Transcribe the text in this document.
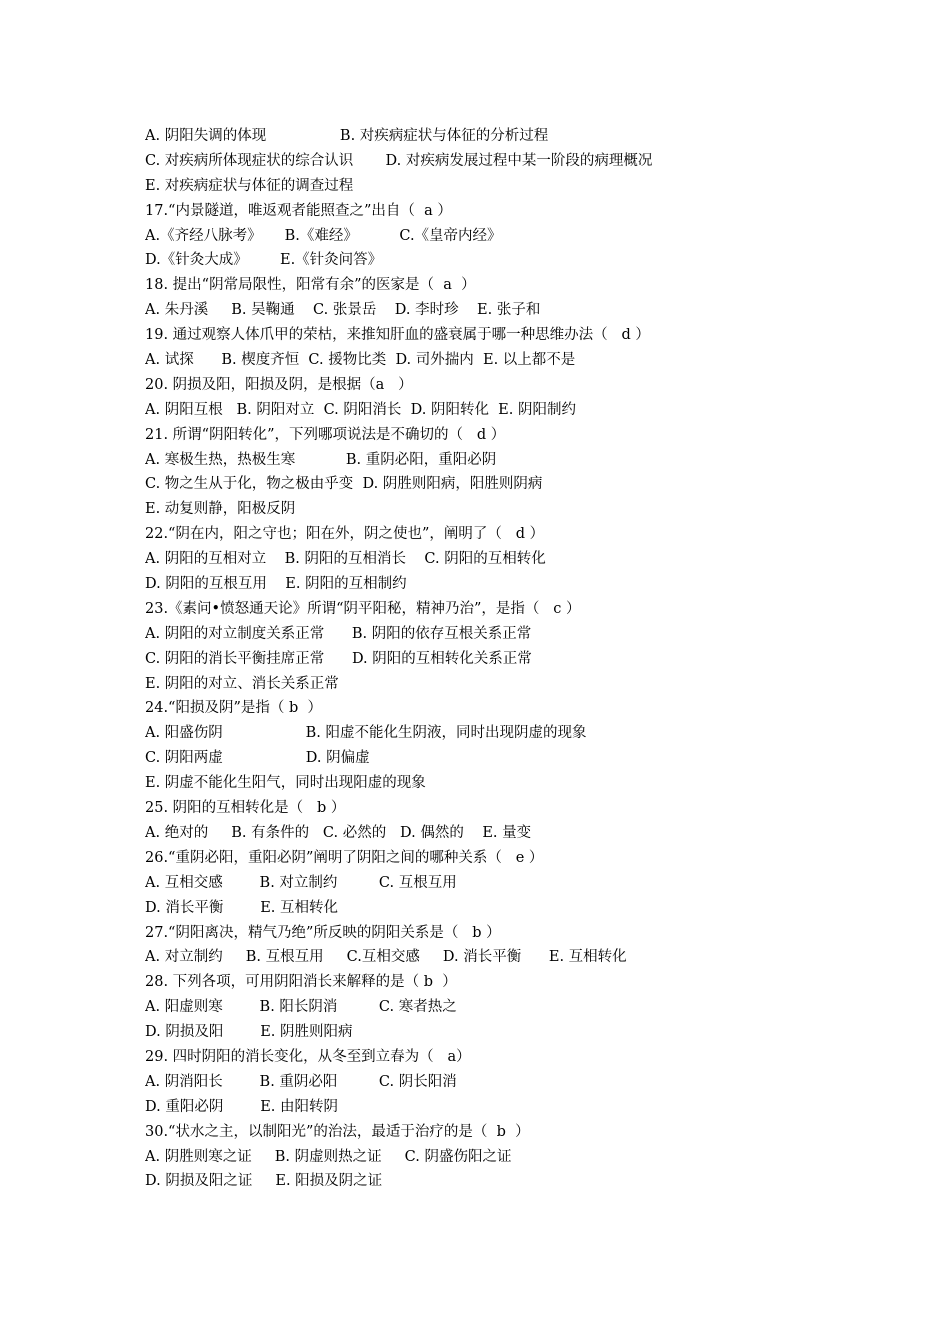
A. 阴阳失调的体现                B. 对疾病症状与体征的分析过程
C. 对疾病所体现症状的综合认识       D. 对疾病发展过程中某一阶段的病理概况
E. 对疾病症状与体征的调查过程
17.“内景隧道，唯返观者能照查之”出自（  a ）
A.《齐经八脉考》     B.《难经》         C.《皇帝内经》
D.《针灸大成》       E.《针灸问答》
18. 提出“阴常局限性，阳常有余”的医家是（  a  ）
A. 朱丹溪     B. 吴鞠通    C. 张景岳    D. 李时珍    E. 张子和
19. 通过观察人体爪甲的荣枯，来推知肝血的盛衰属于哪一种思维办法（   d ）
A. 试探      B. 楔度齐恒  C. 援物比类  D. 司外揣内  E. 以上都不是
20. 阴损及阳，阳损及阴，是根据（a   ）
A. 阴阳互根   B. 阴阳对立  C. 阴阳消长  D. 阴阳转化  E. 阴阳制约
21. 所谓“阴阳转化”，下列哪项说法是不确切的（   d ）
A. 寒极生热，热极生寒           B. 重阴必阳，重阳必阴
C. 物之生从于化，物之极由乎变  D. 阴胜则阳病，阳胜则阴病
E. 动复则静，阳极反阴
22.“阴在内，阳之守也；阳在外，阴之使也”，阐明了（   d ）
A. 阴阳的互相对立    B. 阴阳的互相消长    C. 阴阳的互相转化
D. 阴阳的互根互用    E. 阴阳的互相制约
23.《素问•愤怒通天论》所谓“阴平阳秘，精神乃治”，是指（   c ）
A. 阴阳的对立制度关系正常      B. 阴阳的依存互根关系正常
C. 阴阳的消长平衡挂席正常      D. 阴阳的互相转化关系正常
E. 阴阳的对立、消长关系正常
24.“阳损及阴”是指（ b  ）
A. 阳盛伤阴                  B. 阳虚不能化生阴液，同时出现阴虚的现象
C. 阴阳两虚                  D. 阴偏虚
E. 阴虚不能化生阳气，同时出现阳虚的现象
25. 阴阳的互相转化是（   b ）
A. 绝对的     B. 有条件的   C. 必然的   D. 偶然的    E. 量变
26.“重阴必阳，重阳必阴”阐明了阴阳之间的哪种关系（   e ）
A. 互相交感        B. 对立制约         C. 互根互用
D. 消长平衡        E. 互相转化
27.“阴阳离决，精气乃绝”所反映的阴阳关系是（   b ）
A. 对立制约     B. 互根互用     C.互相交感     D. 消长平衡      E. 互相转化
28. 下列各项，可用阴阳消长来解释的是（ b  ）
A. 阳虚则寒        B. 阳长阴消         C. 寒者热之
D. 阴损及阳        E. 阴胜则阳病
29. 四时阴阳的消长变化，从冬至到立春为（   a）
A. 阴消阳长        B. 重阴必阳         C. 阴长阳消
D. 重阳必阴        E. 由阳转阴
30.“状水之主，以制阳光”的治法，最适于治疗的是（  b  ）
A. 阴胜则寒之证     B. 阴虚则热之证     C. 阴盛伤阳之证
D. 阴损及阳之证     E. 阳损及阴之证
